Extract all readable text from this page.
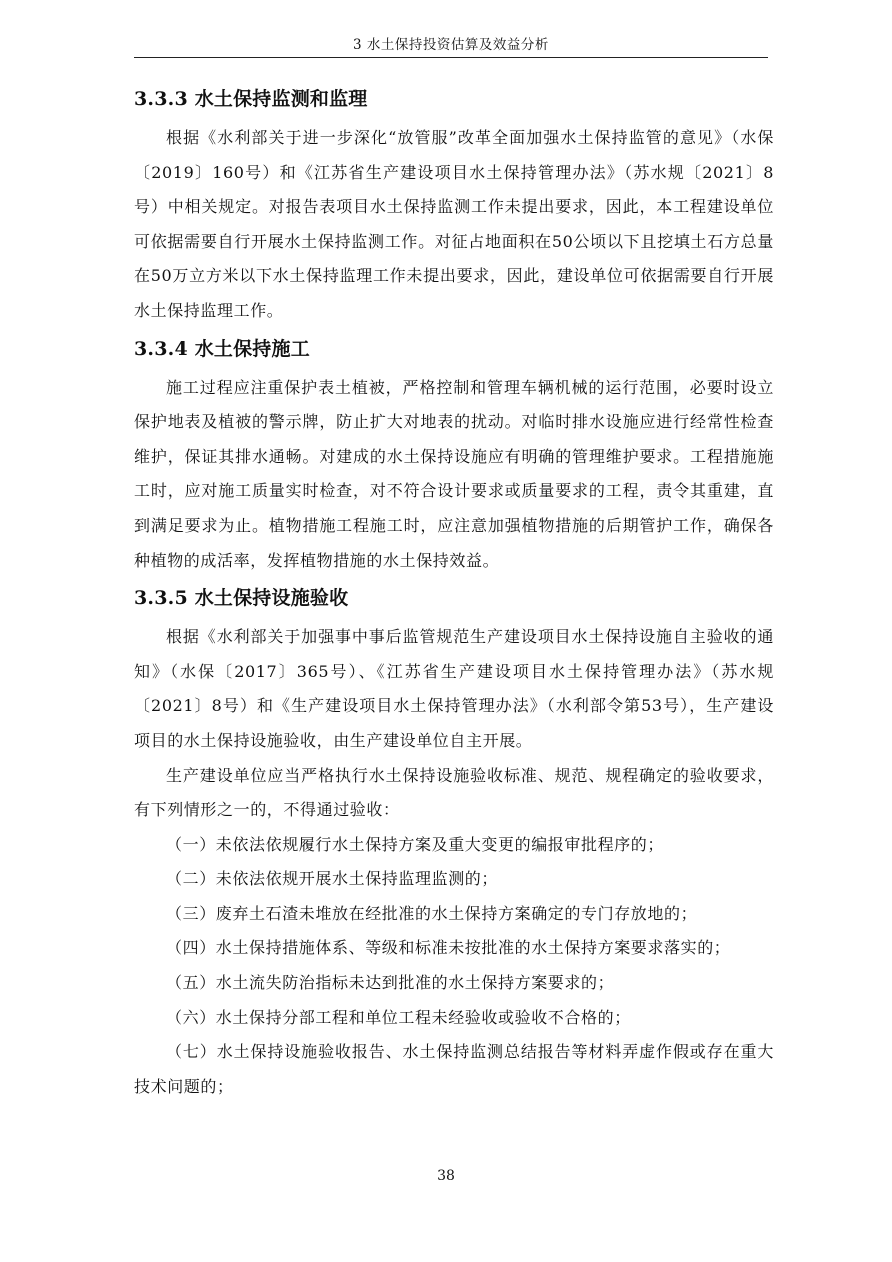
3 水土保持投资估算及效益分析
3.3.3 水土保持监测和监理

根据《水利部关于进一步深化“放管服”改革全面加强水土保持监管的意见》（水保〔2019〕160号）和《江苏省生产建设项目水土保持管理办法》（苏水规〔2021〕8号）中相关规定。对报告表项目水土保持监测工作未提出要求，因此，本工程建设单位可依据需要自行开展水土保持监测工作。对征占地面积在50公顷以下且挖填土石方总量在50万立方米以下水土保持监理工作未提出要求，因此，建设单位可依据需要自行开展水土保持监理工作。

3.3.4 水土保持施工

施工过程应注重保护表土植被，严格控制和管理车辆机械的运行范围，必要时设立保护地表及植被的警示牌，防止扩大对地表的扰动。对临时排水设施应进行经常性检查维护，保证其排水通畅。对建成的水土保持设施应有明确的管理维护要求。工程措施施工时，应对施工质量实时检查，对不符合设计要求或质量要求的工程，责令其重建，直到满足要求为止。植物措施工程施工时，应注意加强植物措施的后期管护工作，确保各种植物的成活率，发挥植物措施的水土保持效益。

3.3.5 水土保持设施验收

根据《水利部关于加强事中事后监管规范生产建设项目水土保持设施自主验收的通知》（水保〔2017〕365号）、《江苏省生产建设项目水土保持管理办法》（苏水规〔2021〕8号）和《生产建设项目水土保持管理办法》（水利部令第53号），生产建设项目的水土保持设施验收，由生产建设单位自主开展。

生产建设单位应当严格执行水土保持设施验收标准、规范、规程确定的验收要求，有下列情形之一的，不得通过验收：

（一）未依法依规履行水土保持方案及重大变更的编报审批程序的；

（二）未依法依规开展水土保持监理监测的；

（三）废弃土石渣未堆放在经批准的水土保持方案确定的专门存放地的；

（四）水土保持措施体系、等级和标准未按批准的水土保持方案要求落实的；

（五）水土流失防治指标未达到批准的水土保持方案要求的；

（六）水土保持分部工程和单位工程未经验收或验收不合格的；

（七）水土保持设施验收报告、水土保持监测总结报告等材料弄虚作假或存在重大技术问题的；

38
